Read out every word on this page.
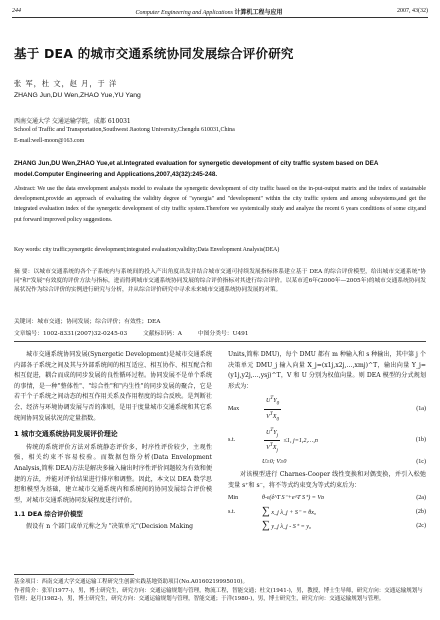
244	Computer Engineering and Applications 计算机工程与应用	2007, 43(32)
基于 DEA 的城市交通系统协同发展综合评价研究
张 军，杜 文，赵 月，于 洋
ZHANG Jun,DU Wen,ZHAO Yue,YU Yang
西南交通大学 交通运输学院，成都 610031
School of Traffic and Transportation,Southwest Jiaotong University,Chengdu 610031,China
E-mail:well-moon@163.com
ZHANG Jun,DU Wen,ZHAO Yue,et al.Integrated evaluation for synergetic development of city traffic system based on DEA model.Computer Engineering and Applications,2007,43(32):245-248.
Abstract: We use the data envelopment analysis model to evaluate the synergetic development of city traffic based on the in-put-output matrix and the index of sustainable development,provide an approach of evaluating the validity degree of "synergia" and "development" within the city traffic system and among subsystems,and get the integrated evaluation index of the synergetic development of city traffic system.Therefore we systemically study and analyze the recent 6 years conditions of some city,and put forward improved policy suggestions.
Key words: city traffic;synergetic development;integrated evaluation;validity;Data Envelopment Analysis(DEA)
摘 要：以城市交通系统的各个子系统内与系统间的投入产出角度出发并结合城市交通可持续发展指标体系建立基于 DEA 的综合评价模型，给出城市交通系统"协同"和"发展"有效度的评价方法与指标，进而得到城市交通系统协同发展的综合评价指标对其进行综合评价。以某市近6年(2000年—2005年)的城市交通系统协同发展状况作为综合评价的实例进行研究与分析，并从综合评价研究中寻求未来城市交通系统协同发展的对策。
关键词：城市交通；协同发展；综合评价；有效性；DEA
文章编号：1002-8331(2007)32-0245-03	文献标识码：A	中图分类号：U491

城市交通系统协同发展(Synergetic Development)是城市交通系统内部各子系统之间及其与外部系统间的相互适应、相互协作、相互配合和相互促进，耦合而成的同步发展的良性循环过程。协同发展不是单个系统的事情，是一种"整体性"、"综合性"和"内生性"的同步发展的聚合，它是若干个子系统之间动态的相互作用关系及作用程度的综合反映。是判断社会、经济与环境协调发展与否的准则，是用于度量城市交通系统和其它系统间协同发展状况的定量指数。

1 城市交通系统协同发展评价理论

传统的系统评价方法对系统静态评价多，时序性评价较少，主观性强，相关约束不容易校验。而数据包络分析(Data Envelopment Analysis,简称 DEA)方法是解决多输入输出时序性评价问题较为有效和便捷的方法，并能对评价结果进行排序和调整。因此，本文以 DEA 数学思想和模型为基础，建立城市交通系统内和系统间的协同发展综合评价模型，对城市交通系统协同发展程度进行评价。

1.1 DEA 综合评价模型

假设有 n 个部门或单元称之为 "决策单元"(Decision Making

Units,简称 DMU)，每个 DMU 都有 m 种输入和 s 种输出，其中第 j 个决策单元 DMU_j 输入向量 X_j=(x1j,x2j,…,xmj)^T，输出向量 Y_j=(y1j,y2j,…,ysj)^T，V 和 U 分别为权值向量。则 DEA 模型的分式规划形式为：

Max	$\frac{U^TY_0}{V^TX_0}$	(1a)
s.t.	$\frac{U^TY_j}{V^TX_j} \le 1$, j=1,2,…,n	(1b)
U≥0; V≥0	(1c)

对该模型进行 Charnes-Cooper 线性变换和对偶变换，并引入松弛变量 s⁺和 s⁻，将不等式约束变为等式约束后为：

Min	θ-ε(ê^T S⁻+e^T S⁺) = Vᴅ	(2a)
s.t.	∑ x_j λ_j + S⁻ = θx₀	(2b)
∑ y_j λ_j - S⁺ = y₀	(2c)

基金项目：西南交通大学交通运输工程研究生创新实践基地资助项目(No.A0160219995010)。

作者简介：张军(1977-)，男，博士研究生，研究方向：交通运输规划与管理，物流工程，智能交通；杜文(1941-)，男，教授，博士生导师，研究方向：交通运输规划与管理；赵月(1982-)，男，博士研究生，研究方向：交通运输规划与管理，智能交通；于洋(1980-)，男，博士研究生，研究方向：交通运输规划与管理。
